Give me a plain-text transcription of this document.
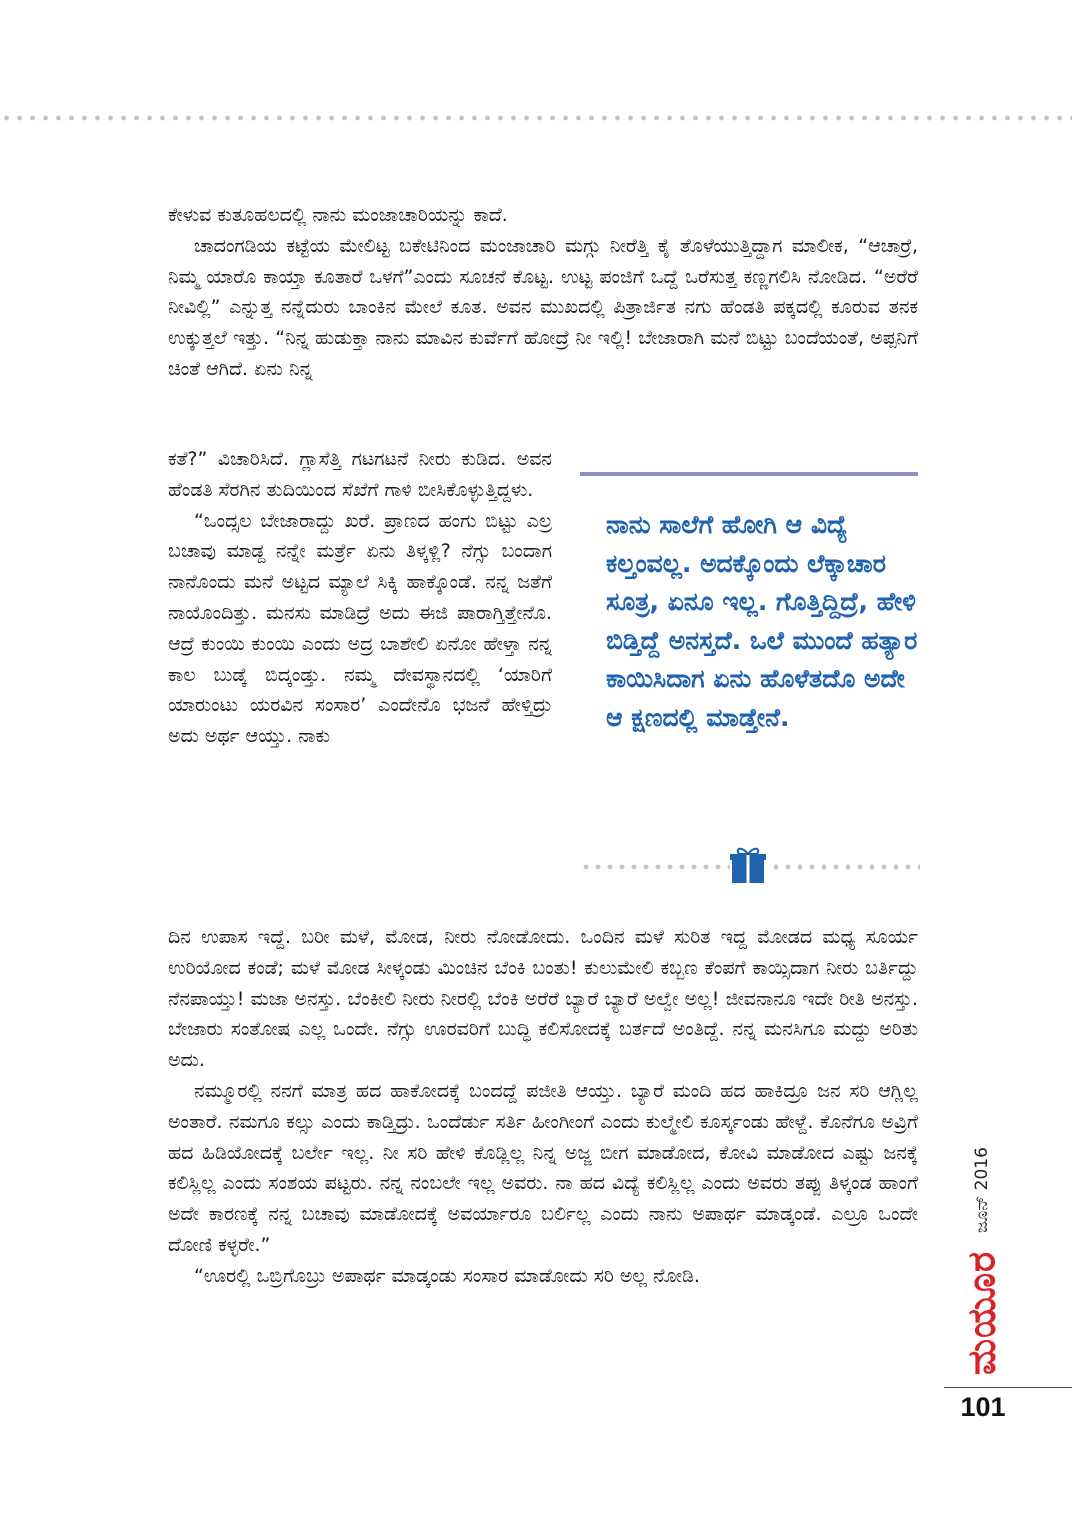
ಕೇಳುವ ಕುತೂಹಲದಲ್ಲಿ ನಾನು ಮಂಜಾಚಾರಿಯನ್ನು ಕಾದೆ.

ಚಾದಂಗಡಿಯ ಕಟ್ಟೆಯ ಮೇಲಿಟ್ಟ ಬಕೇಟಿನಿಂದ ಮಂಜಾಚಾರಿ ಮಗ್ಗು ನೀರೆತ್ತಿ ಕೈ ತೊಳೆಯುತ್ತಿದ್ದಾಗ ಮಾಲೀಕ, “ಆಚಾರ್ರೆ, ನಿಮ್ಮ ಯಾರೊ ಕಾಯ್ತಾ ಕೂತಾರೆ ಒಳಗೆ”ಎಂದು ಸೂಚನೆ ಕೊಟ್ಟ. ಉಟ್ಟ ಪಂಜಿಗೆ ಒದ್ದೆ ಒರೆಸುತ್ತ ಕಣ್ಣಗಲಿಸಿ ನೋಡಿದ. “ಅರೆರೆ ನೀವಿಲ್ಲಿ” ಎನ್ನುತ್ತ ನನ್ನೆದುರು ಬಾಂಕಿನ ಮೇಲೆ ಕೂತ. ಅವನ ಮುಖದಲ್ಲಿ ಪಿತ್ರಾರ್ಜಿತ ನಗು ಹೆಂಡತಿ ಪಕ್ಕದಲ್ಲಿ ಕೂರುವ ತನಕ ಉಕ್ಕುತ್ತಲೆ ಇತ್ತು. “ನಿನ್ನ ಹುಡುಕ್ತಾ ನಾನು ಮಾವಿನ ಕುರ್ವೆಗೆ ಹೋದ್ರೆ ನೀ ಇಲ್ಲಿ! ಬೇಜಾರಾಗಿ ಮನೆ ಬಿಟ್ಟು ಬಂದೆಯಂತೆ, ಅಪ್ಪನಿಗೆ ಚಿಂತೆ ಆಗಿದೆ. ಏನು ನಿನ್ನ

ಕತೆ?” ವಿಚಾರಿಸಿದೆ. ಗ್ಲಾಸೆತ್ತಿ ಗಟಗಟನೆ ನೀರು ಕುಡಿದ. ಅವನ ಹೆಂಡತಿ ಸೆರಗಿನ ತುದಿಯಿಂದ ಸೆಖೆಗೆ ಗಾಳಿ ಬೀಸಿಕೊಳ್ಳುತ್ತಿದ್ದಳು.

“ಒಂದ್ಸಲ ಬೇಜಾರಾದ್ದು ಖರೆ. ಪ್ರಾಣದ ಹಂಗು ಬಿಟ್ಟು ಎಲ್ರ ಬಚಾವು ಮಾಡ್ದ ನನ್ನೇ ಮರ್ತ್ರೆ ಏನು ತಿಳ್ಕಳ್ಲಿ? ನೆಗ್ಸು ಬಂದಾಗ ನಾನೊಂದು ಮನೆ ಅಟ್ಟದ ಮ್ಯಾಲೆ ಸಿಕ್ಕಿ ಹಾಕ್ಕೊಂಡೆ. ನನ್ನ ಜತೆಗೆ ನಾಯೊಂದಿತ್ತು. ಮನಸು ಮಾಡಿದ್ರೆ ಅದು ಈಜಿ ಪಾರಾಗ್ತಿತ್ತೇನೊ. ಆದ್ರೆ ಕುಂಯಿ ಕುಂಯಿ ಎಂದು ಅದ್ರ ಬಾಶೇಲಿ ಏನೋ ಹೇಳ್ತಾ ನನ್ನ ಕಾಲ ಬುಡ್ಕೆ ಬಿದ್ಕಂಡ್ತು. ನಮ್ಮ ದೇವಸ್ಥಾನದಲ್ಲಿ ‘ಯಾರಿಗೆ ಯಾರುಂಟು ಯರವಿನ ಸಂಸಾರ’ ಎಂದೇನೊ ಭಜನೆ ಹೇಳ್ತಿದ್ರು ಅದು ಅರ್ಥ ಆಯ್ತು. ನಾಕು

ನಾನು ಸಾಲೆಗೆ ಹೋಗಿ ಆ ವಿದ್ಯೆ ಕಲ್ತಂವಲ್ಲ. ಅದಕ್ಕೊಂದು ಲೆಕ್ಕಾಚಾರ ಸೂತ್ರ, ಏನೂ ಇಲ್ಲ. ಗೊತ್ತಿದ್ದಿದ್ರೆ, ಹೇಳಿ ಬಿಡ್ತಿದ್ದೆ ಅನಸ್ತದೆ. ಒಲೆ ಮುಂದೆ ಹತ್ಯಾರ ಕಾಯಿಸಿದಾಗ ಏನು ಹೊಳೆತದೊ ಅದೇ ಆ ಕ್ಷಣದಲ್ಲಿ ಮಾಡ್ತೇನೆ.

ದಿನ ಉಪಾಸ ಇದ್ದೆ. ಬರೀ ಮಳೆ, ಮೋಡ, ನೀರು ನೋಡೋದು. ಒಂದಿನ ಮಳೆ ಸುರಿತ ಇದ್ದ ಮೋಡದ ಮಧ್ಯ ಸೂರ್ಯ ಉರಿಯೋದ ಕಂಡೆ; ಮಳೆ ಮೋಡ ಸೀಳ್ಕಂಡು ಮಿಂಚಿನ ಬೆಂಕಿ ಬಂತು! ಕುಲುಮೇಲಿ ಕಬ್ಬಣ ಕೆಂಪಗೆ ಕಾಯ್ಸಿದಾಗ ನೀರು ಬರ್ತಿದ್ದು ನೆನಪಾಯ್ತು! ಮಜಾ ಅನಸ್ತು. ಬೆಂಕೀಲಿ ನೀರು ನೀರಲ್ಲಿ ಬೆಂಕಿ ಅರೆರೆ ಬ್ಯಾರೆ ಬ್ಯಾರೆ ಅಲ್ವೇ ಅಲ್ಲ! ಜೀವನಾನೂ ಇದೇ ರೀತಿ ಅನಸ್ತು. ಬೇಜಾರು ಸಂತೋಷ ಎಲ್ಲ ಒಂದೇ. ನೆಗ್ಸು ಊರವರಿಗೆ ಬುದ್ಧಿ ಕಲಿಸೋದಕ್ಕೆ ಬರ್ತದೆ ಅಂತಿದ್ದೆ. ನನ್ನ ಮನಸಿಗೂ ಮದ್ದು ಅರಿತು ಅದು.

ನಮ್ಮೂರಲ್ಲಿ ನನಗೆ ಮಾತ್ರ ಹದ ಹಾಕೋದಕ್ಕೆ ಬಂದದ್ದೆ ಪಜೀತಿ ಆಯ್ತು. ಬ್ಯಾರೆ ಮಂದಿ ಹದ ಹಾಕಿದ್ರೂ ಜನ ಸರಿ ಆಗ್ಲಿಲ್ಲ ಅಂತಾರೆ. ನಮಗೂ ಕಲ್ಸು ಎಂದು ಕಾಡ್ತಿದ್ರು. ಒಂದೆರ್ಡು ಸರ್ತಿ ಹೀಂಗೀಂಗೆ ಎಂದು ಕುಲ್ಮೇಲಿ ಕೂರ್ಸ್ಕಂಡು ಹೇಳ್ದೆ. ಕೊನೆಗೂ ಅವ್ರಿಗೆ ಹದ ಹಿಡಿಯೋದಕ್ಕೆ ಬರ್ಲೇ ಇಲ್ಲ. ನೀ ಸರಿ ಹೇಳಿ ಕೊಡ್ಲಿಲ್ಲ ನಿನ್ನ ಅಜ್ಜ ಬೀಗ ಮಾಡೋದ, ಕೋವಿ ಮಾಡೋದ ಎಷ್ಟು ಜನಕ್ಕೆ ಕಲಿಸ್ಲಿಲ್ಲ ಎಂದು ಸಂಶಯ ಪಟ್ಟರು. ನನ್ನ ನಂಬಲೇ ಇಲ್ಲ ಅವರು. ನಾ ಹದ ವಿದ್ಯೆ ಕಲಿಸ್ಲಿಲ್ಲ ಎಂದು ಅವರು ತಪ್ಪು ತಿಳ್ಕಂಡ ಹಾಂಗೆ ಅದೇ ಕಾರಣಕ್ಕೆ ನನ್ನ ಬಚಾವು ಮಾಡೋದಕ್ಕೆ ಅವರ್ಯಾರೂ ಬರ್ಲಿಲ್ಲ ಎಂದು ನಾನು ಅಪಾರ್ಥ ಮಾಡ್ಕಂಡೆ. ಎಲ್ರೂ ಒಂದೇ ದೋಣಿ ಕಳ್ಳರೇ.”

“ಊರಲ್ಲಿ ಒಬ್ರಿಗೊಬ್ರು ಅಪಾರ್ಥ ಮಾಡ್ಕಂಡು ಸಂಸಾರ ಮಾಡೋದು ಸರಿ ಅಲ್ಲ ನೋಡಿ.

ಜೂನ್ 2016
ಮಯೂರ
101
